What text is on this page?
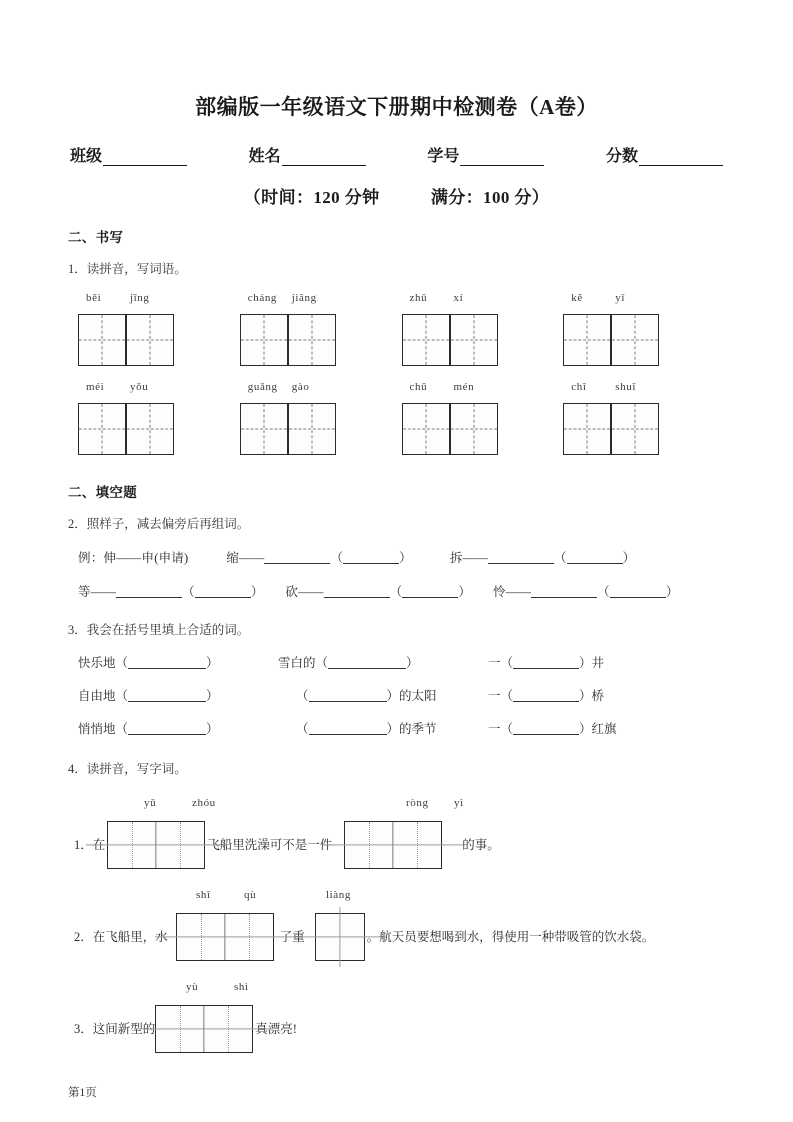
部编版一年级语文下册期中检测卷（A卷）
班级	姓名	学号	分数
（时间：120 分钟	满分：100 分）
二、书写
1．读拼音，写词语。
běi	jīng	cháng jiāng	zhǔ xí	kě	yǐ
méi yǒu	guǎng gào	chū mén	chī	shuǐ
二、填空题
2．照样子，减去偏旁后再组词。
例：伸——申(申请)	缩——	（	）	拆——	（	）
等——	（	） 砍——	（	） 怜——	（	）
3．我会在括号里填上合适的词。
快乐地（	）	雪白的（	）	一（	）井
自由地（	）	（	）的太阳	一（	）桥
悄悄地（	）	（	）的季节	一（	）红旗
4．读拼音，写字词。
yǔ	zhóu	ròng yì
1． 在	飞船里洗澡可不是一件	的事。
shī	qù	liàng
2． 在飞船里，水	了重	。航天员要想喝到水，得使用一种带吸管的饮水袋。
yù	shì
3． 这间新型的	真漂亮!
第1页
